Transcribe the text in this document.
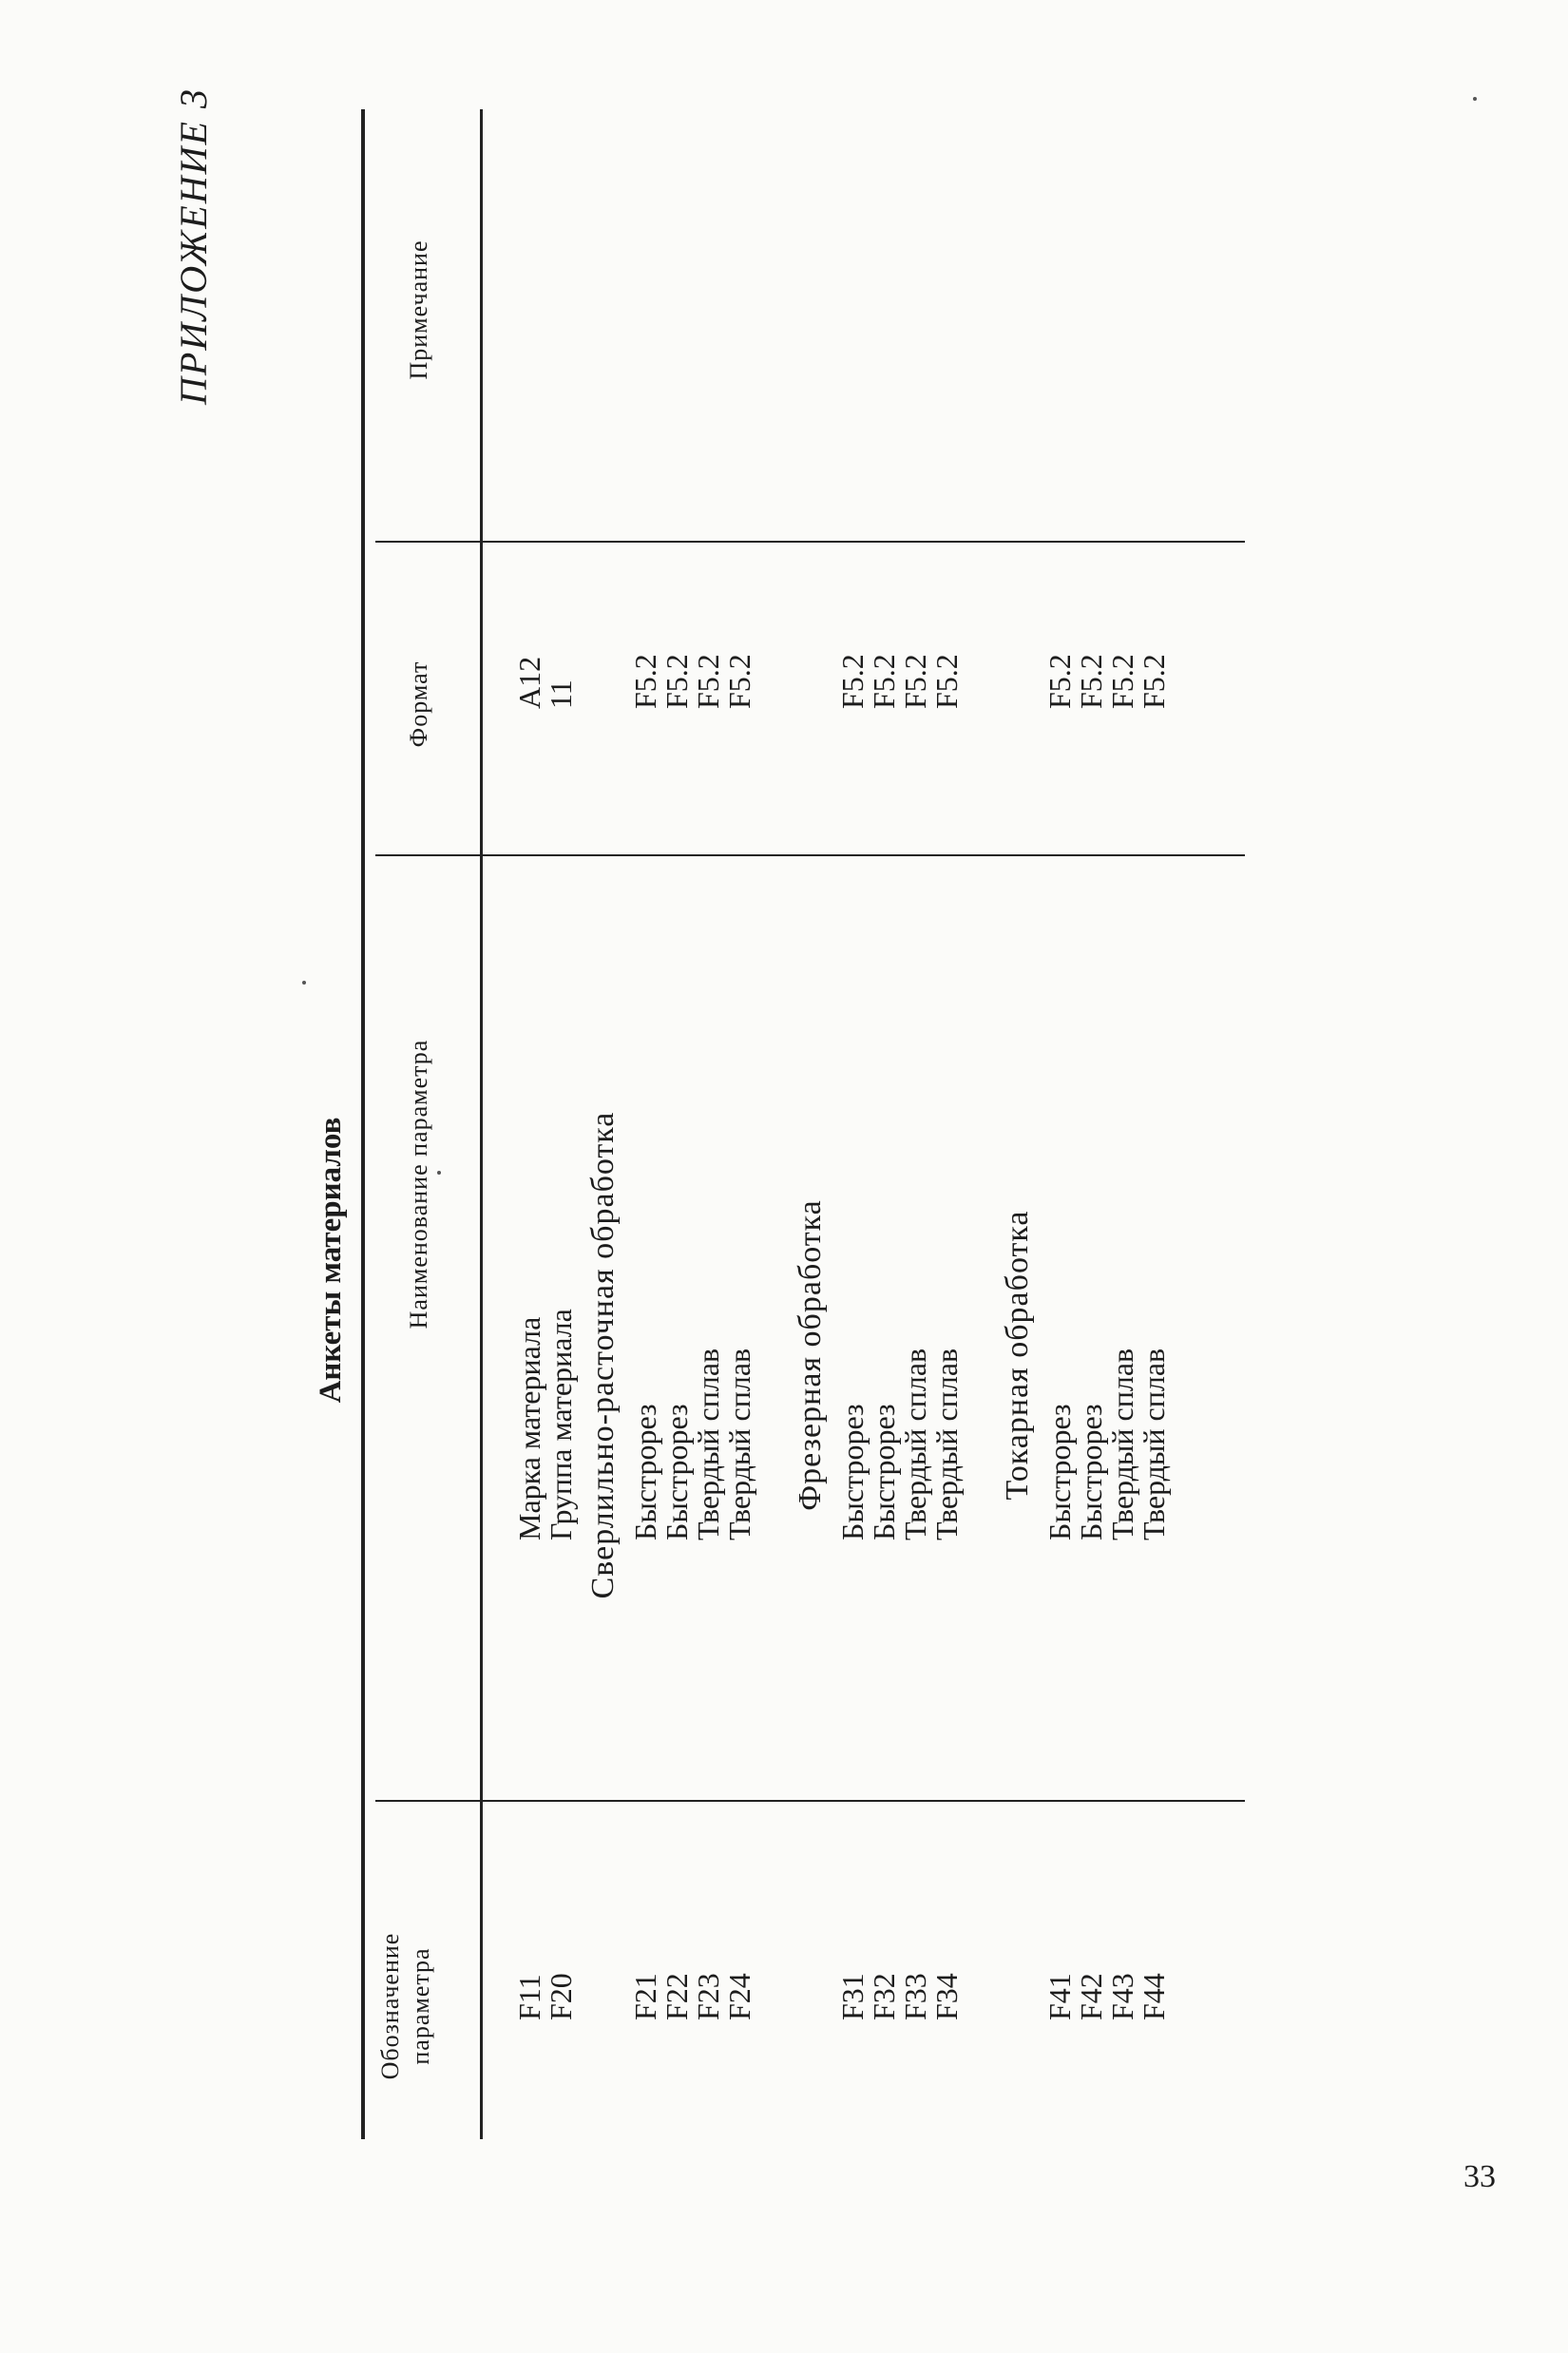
ПРИЛОЖЕНИЕ 3
Анкеты материалов
Обозначение параметра
Наименование параметра
Формат
Примечание
F11
Марка материала
A12
F20
Группа материала
11
Сверлильно-расточная обработка
F21
Быстрорез
F5.2
F22
Быстрорез
F5.2
F23
Твердый сплав
F5.2
F24
Твердый сплав
F5.2
Фрезерная обработка
F31
Быстрорез
F5.2
F32
Быстрорез
F5.2
F33
Твердый сплав
F5.2
F34
Твердый сплав
F5.2
Токарная обработка
F41
Быстрорез
F5.2
F42
Быстрорез
F5.2
F43
Твердый сплав
F5.2
F44
Твердый сплав
F5.2
33
